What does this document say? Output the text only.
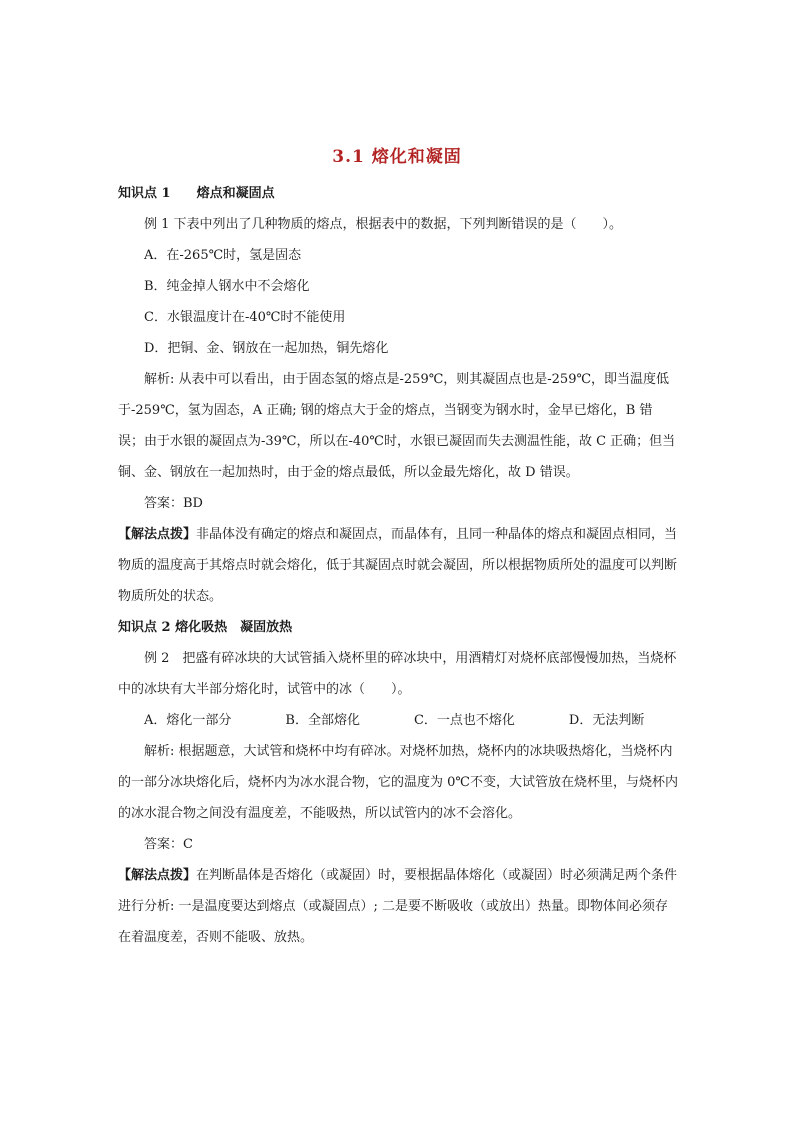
3.1 熔化和凝固

知识点 1　　熔点和凝固点

例 1 下表中列出了几种物质的熔点，根据表中的数据，下列判断错误的是（　　）。

A．在-265℃时，氢是固态

B．纯金掉人钢水中不会熔化

C．水银温度计在-40℃时不能使用

D．把铜、金、钢放在一起加热，铜先熔化

解析: 从表中可以看出，由于固态氢的熔点是-259℃，则其凝固点也是-259℃，即当温度低于-259℃，氢为固态，A 正确; 钢的熔点大于金的熔点，当钢变为钢水时，金早已熔化，B 错误；由于水银的凝固点为-39℃，所以在-40℃时，水银已凝固而失去测温性能，故 C 正确；但当铜、金、钢放在一起加热时，由于金的熔点最低，所以金最先熔化，故 D 错误。

答案：BD

【解法点拨】非晶体没有确定的熔点和凝固点，而晶体有，且同一种晶体的熔点和凝固点相同，当物质的温度高于其熔点时就会熔化，低于其凝固点时就会凝固，所以根据物质所处的温度可以判断物质所处的状态。

知识点 2 熔化吸热　凝固放热

例 2　把盛有碎冰块的大试管插入烧杯里的碎冰块中，用酒精灯对烧杯底部慢慢加热，当烧杯中的冰块有大半部分熔化时，试管中的冰（　　）。

A．熔化一部分	B．全部熔化	C．一点也不熔化	D．无法判断

解析: 根据题意，大试管和烧杯中均有碎冰。对烧杯加热，烧杯内的冰块吸热熔化，当烧杯内的一部分冰块熔化后，烧杯内为冰水混合物，它的温度为 0℃不变，大试管放在烧杯里，与烧杯内的冰水混合物之间没有温度差，不能吸热，所以试管内的冰不会溶化。

答案：C

【解法点拨】在判断晶体是否熔化（或凝固）时，要根据晶体熔化（或凝固）时必须满足两个条件进行分析: 一是温度要达到熔点（或凝固点）; 二是要不断吸收（或放出）热量。即物体间必须存在着温度差，否则不能吸、放热。
